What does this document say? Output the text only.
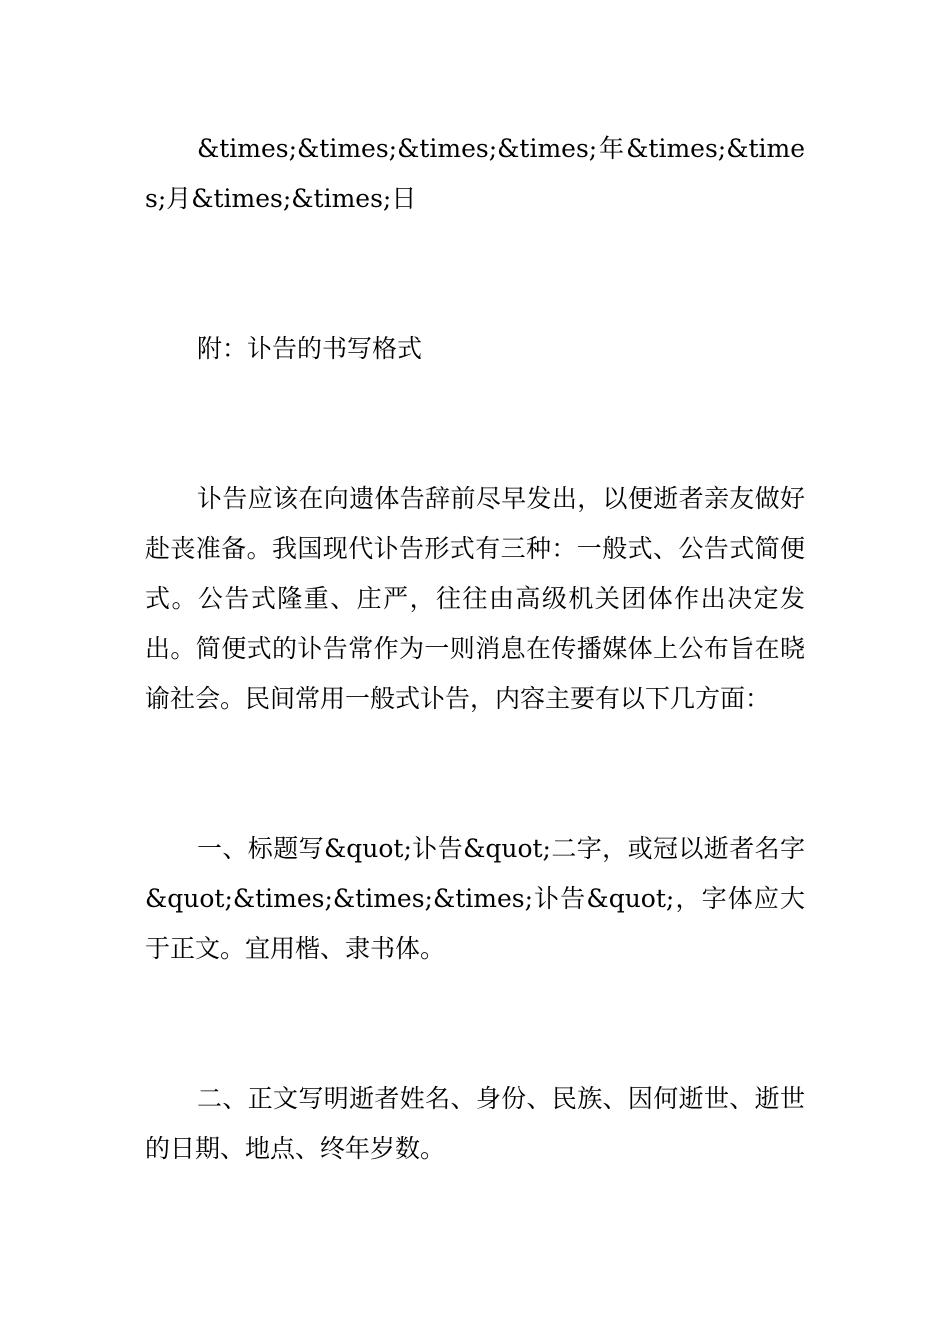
&times;&times;&times;&times;年&times;&times;月&times;&times;日

附：讣告的书写格式

讣告应该在向遗体告辞前尽早发出，以便逝者亲友做好赴丧准备。我国现代讣告形式有三种：一般式、公告式简便式。公告式隆重、庄严，往往由高级机关团体作出决定发出。简便式的讣告常作为一则消息在传播媒体上公布旨在晓谕社会。民间常用一般式讣告，内容主要有以下几方面：

一、标题写&quot;讣告&quot;二字，或冠以逝者名字&quot;&times;&times;&times;讣告&quot;，字体应大于正文。宜用楷、隶书体。

二、正文写明逝者姓名、身份、民族、因何逝世、逝世的日期、地点、终年岁数。
